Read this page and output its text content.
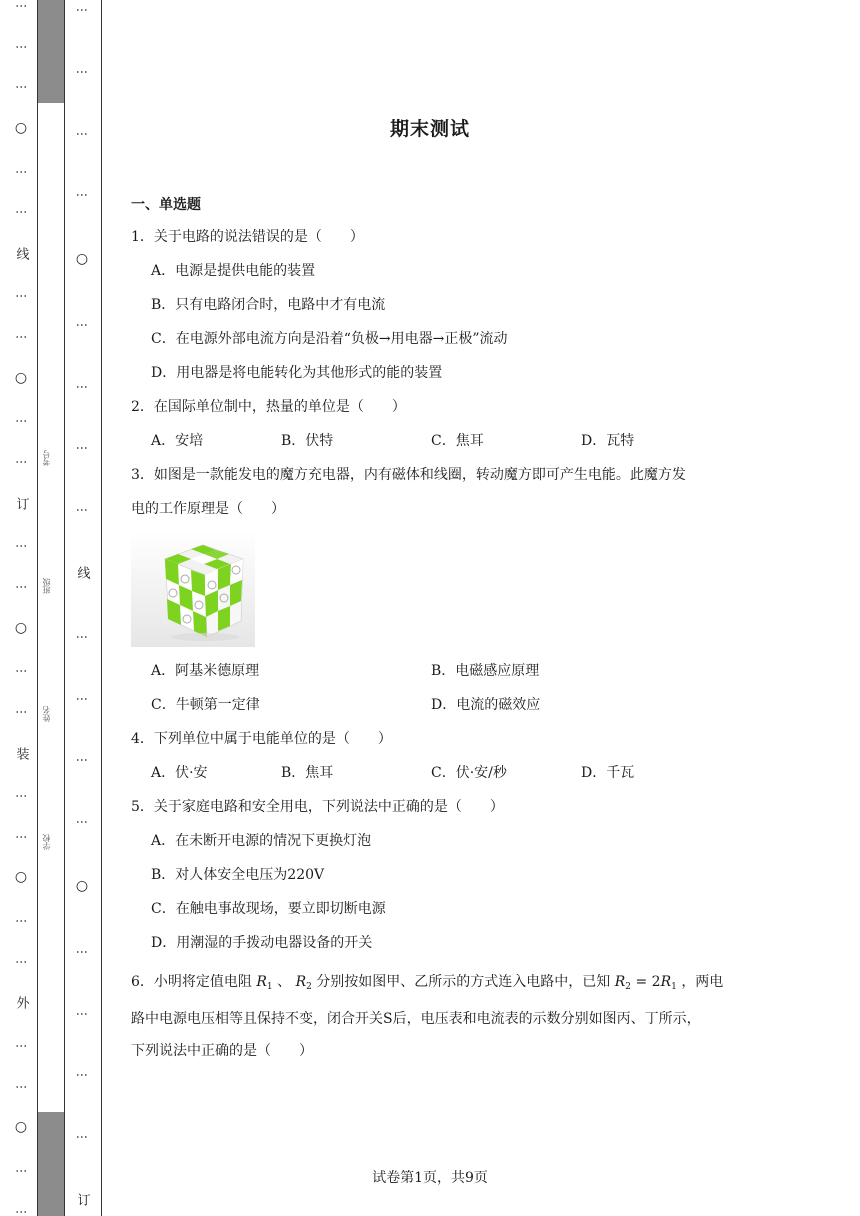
⋮
⋮
⋮
○
⋮
⋮
线
⋮
⋮
○
⋮
⋮
订
⋮
⋮
○
⋮
⋮
装
⋮
⋮
○
⋮
⋮
外
⋮
⋮
○
⋮
⋮
考号
班级
姓名
学校
⋮
⋮
⋮
⋮
○
⋮
⋮
⋮
⋮
线
⋮
⋮
⋮
⋮
○
⋮
⋮
⋮
⋮
订
期末测试
一、单选题
1．关于电路的说法错误的是（　　）
A．电源是提供电能的装置
B．只有电路闭合时，电路中才有电流
C．在电源外部电流方向是沿着“负极→用电器→正极”流动
D．用电器是将电能转化为其他形式的能的装置
2．在国际单位制中，热量的单位是（　　）
A．安培	B．伏特	C．焦耳	D．瓦特
3．如图是一款能发电的魔方充电器，内有磁体和线圈，转动魔方即可产生电能。此魔方发
电的工作原理是（　　）
A．阿基米德原理	B．电磁感应原理
C．牛顿第一定律	D．电流的磁效应
4．下列单位中属于电能单位的是（　　）
A．伏·安	B．焦耳	C．伏·安/秒	D．千瓦
5．关于家庭电路和安全用电，下列说法中正确的是（　　）
A．在未断开电源的情况下更换灯泡
B．对人体安全电压为220V
C．在触电事故现场，要立即切断电源
D．用潮湿的手拨动电器设备的开关
6．小明将定值电阻 $R_1$ 、 $R_2$ 分别按如图甲、乙所示的方式连入电路中，已知 $R_2 = 2R_1$ ，两电
路中电源电压相等且保持不变，闭合开关S后，电压表和电流表的示数分别如图丙、丁所示，
下列说法中正确的是（　　）
试卷第1页，共9页
